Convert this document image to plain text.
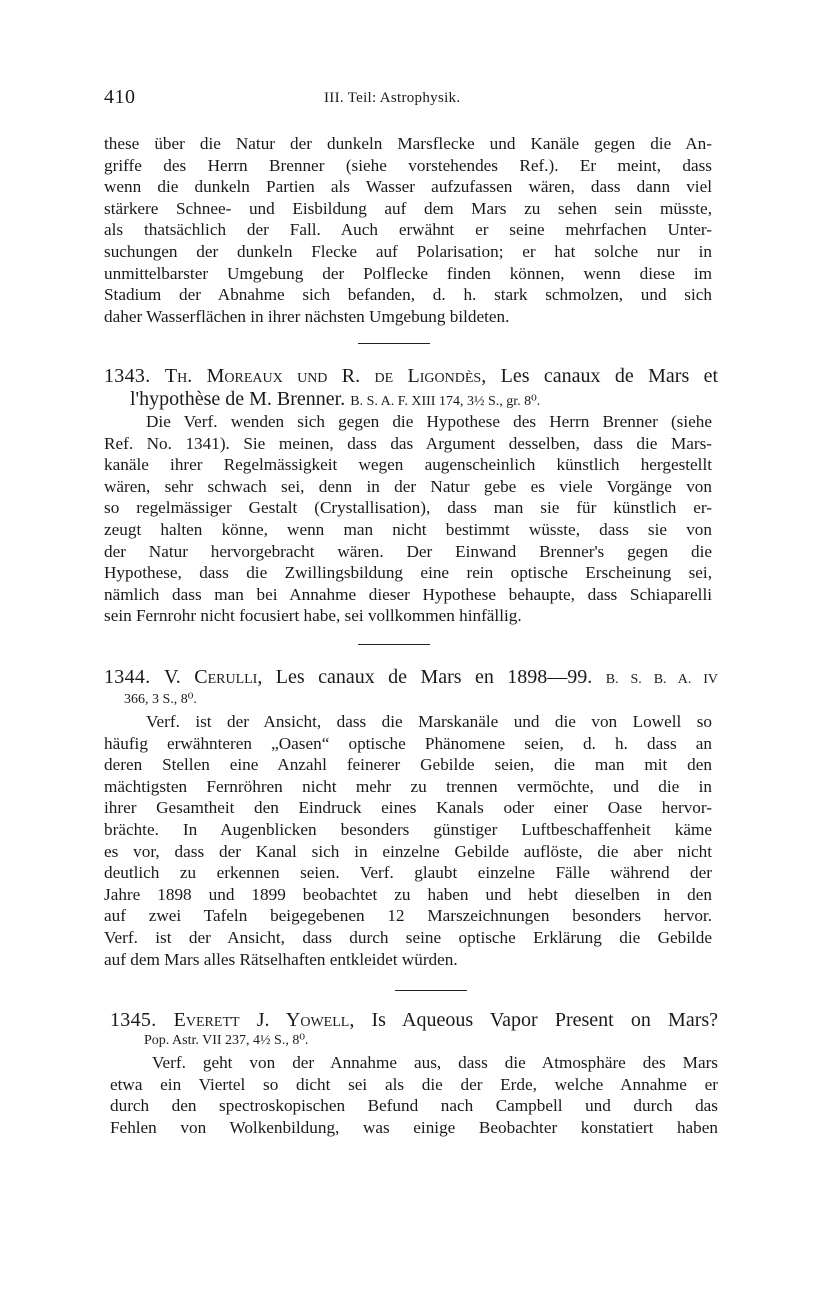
410	III. Teil: Astrophysik.
these über die Natur der dunkeln Marsflecke und Kanäle gegen die An-
griffe des Herrn Brenner (siehe vorstehendes Ref.). Er meint, dass
wenn die dunkeln Partien als Wasser aufzufassen wären, dass dann viel
stärkere Schnee- und Eisbildung auf dem Mars zu sehen sein müsste,
als thatsächlich der Fall. Auch erwähnt er seine mehrfachen Unter-
suchungen der dunkeln Flecke auf Polarisation; er hat solche nur in
unmittelbarster Umgebung der Polflecke finden können, wenn diese im
Stadium der Abnahme sich befanden, d. h. stark schmolzen, und sich
daher Wasserflächen in ihrer nächsten Umgebung bildeten.
1343. Th. Moreaux und R. de Ligondès, Les canaux de Mars et
l'hypothèse de M. Brenner. B. S. A. F. XIII 174, 3½ S., gr. 8⁰.
Die Verf. wenden sich gegen die Hypothese des Herrn Brenner (siehe
Ref. No. 1341). Sie meinen, dass das Argument desselben, dass die Mars-
kanäle ihrer Regelmässigkeit wegen augenscheinlich künstlich hergestellt
wären, sehr schwach sei, denn in der Natur gebe es viele Vorgänge von
so regelmässiger Gestalt (Crystallisation), dass man sie für künstlich er-
zeugt halten könne, wenn man nicht bestimmt wüsste, dass sie von
der Natur hervorgebracht wären. Der Einwand Brenner's gegen die
Hypothese, dass die Zwillingsbildung eine rein optische Erscheinung sei,
nämlich dass man bei Annahme dieser Hypothese behaupte, dass Schiaparelli
sein Fernrohr nicht focusiert habe, sei vollkommen hinfällig.
1344. V. Cerulli, Les canaux de Mars en 1898—99. B. S. B. A. IV
366, 3 S., 8⁰.
Verf. ist der Ansicht, dass die Marskanäle und die von Lowell so
häufig erwähnteren „Oasen“ optische Phänomene seien, d. h. dass an
deren Stellen eine Anzahl feinerer Gebilde seien, die man mit den
mächtigsten Fernröhren nicht mehr zu trennen vermöchte, und die in
ihrer Gesamtheit den Eindruck eines Kanals oder einer Oase hervor-
brächte. In Augenblicken besonders günstiger Luftbeschaffenheit käme
es vor, dass der Kanal sich in einzelne Gebilde auflöste, die aber nicht
deutlich zu erkennen seien. Verf. glaubt einzelne Fälle während der
Jahre 1898 und 1899 beobachtet zu haben und hebt dieselben in den
auf zwei Tafeln beigegebenen 12 Marszeichnungen besonders hervor.
Verf. ist der Ansicht, dass durch seine optische Erklärung die Gebilde
auf dem Mars alles Rätselhaften entkleidet würden.
1345. Everett J. Yowell, Is Aqueous Vapor Present on Mars?
Pop. Astr. VII 237, 4½ S., 8⁰.
Verf. geht von der Annahme aus, dass die Atmosphäre des Mars
etwa ein Viertel so dicht sei als die der Erde, welche Annahme er
durch den spectroskopischen Befund nach Campbell und durch das
Fehlen von Wolkenbildung, was einige Beobachter konstatiert haben
